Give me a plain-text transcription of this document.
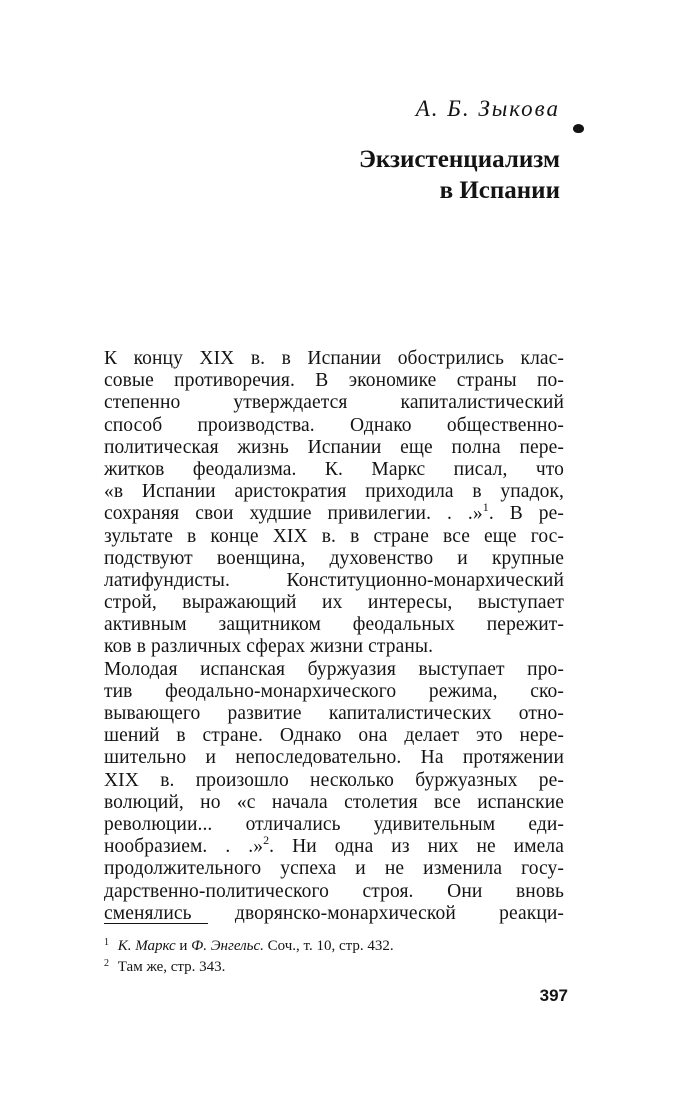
А. Б. Зыкова
Экзистенциализм
в Испании
К концу XIX в. в Испании обострились клас-
совые противоречия. В экономике страны по-
степенно утверждается капиталистический
способ производства. Однако общественно-
политическая жизнь Испании еще полна пере-
житков феодализма. К. Маркс писал, что
«в Испании аристократия приходила в упадок,
сохраняя свои худшие привилегии. . .»$^1$. В ре-
зультате в конце XIX в. в стране все еще гос-
подствуют военщина, духовенство и крупные
латифундисты. Конституционно-монархический
строй, выражающий их интересы, выступает
активным защитником феодальных пережит-
ков в различных сферах жизни страны.
Молодая испанская буржуазия выступает про-
тив феодально-монархического режима, ско-
вывающего развитие капиталистических отно-
шений в стране. Однако она делает это нере-
шительно и непоследовательно. На протяжении
XIX в. произошло несколько буржуазных ре-
волюций, но «с начала столетия все испанские
революции... отличались удивительным еди-
нообразием. . .»$^2$. Ни одна из них не имела
продолжительного успеха и не изменила госу-
дарственно-политического строя. Они вновь
сменялись дворянско-монархической реакци-
$^1$ К. Маркс и Ф. Энгельс. Соч., т. 10, стр. 432.
$^2$ Там же, стр. 343.
397
